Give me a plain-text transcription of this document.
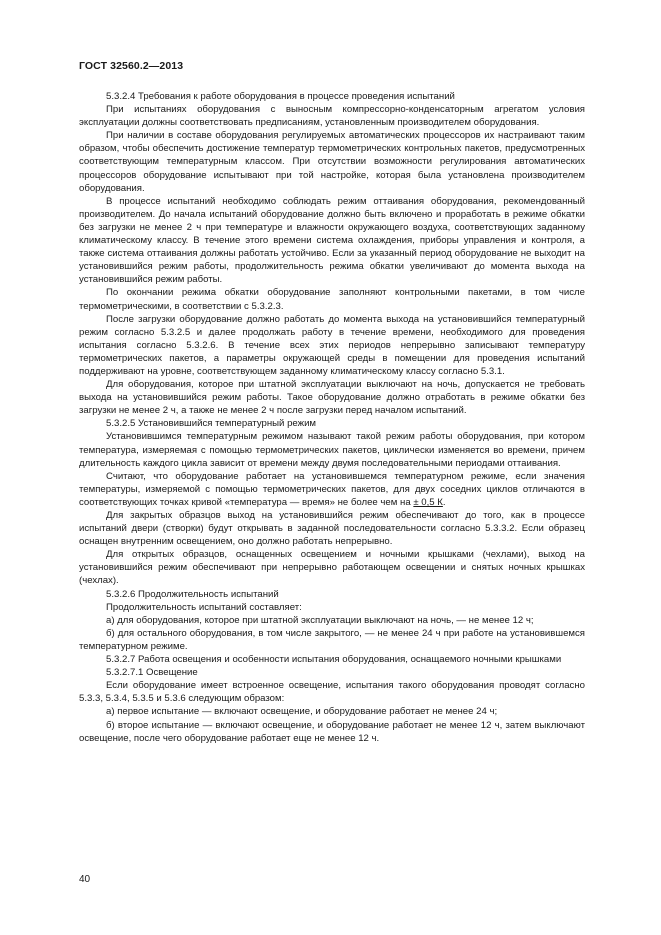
ГОСТ 32560.2—2013

5.3.2.4 Требования к работе оборудования в процессе проведения испытаний

При испытаниях оборудования с выносным компрессорно-конденсаторным агрегатом условия эксплуатации должны соответствовать предписаниям, установленным производителем оборудования.

При наличии в составе оборудования регулируемых автоматических процессоров их настраивают таким образом, чтобы обеспечить достижение температур термометрических контрольных пакетов, предусмотренных соответствующим температурным классом. При отсутствии возможности регулирования автоматических процессоров оборудование испытывают при той настройке, которая была установлена производителем оборудования.

В процессе испытаний необходимо соблюдать режим оттаивания оборудования, рекомендованный производителем. До начала испытаний оборудование должно быть включено и проработать в режиме обкатки без загрузки не менее 2 ч при температуре и влажности окружающего воздуха, соответствующих заданному климатическому классу. В течение этого времени система охлаждения, приборы управления и контроля, а также система оттаивания должны работать устойчиво. Если за указанный период оборудование не выходит на установившийся режим работы, продолжительность режима обкатки увеличивают до момента выхода на установившийся режим работы.

По окончании режима обкатки оборудование заполняют контрольными пакетами, в том числе термометрическими, в соответствии с 5.3.2.3.

После загрузки оборудование должно работать до момента выхода на установившийся температурный режим согласно 5.3.2.5 и далее продолжать работу в течение времени, необходимого для проведения испытания согласно 5.3.2.6. В течение всех этих периодов непрерывно записывают температуру термометрических пакетов, а параметры окружающей среды в помещении для проведения испытаний поддерживают на уровне, соответствующем заданному климатическому классу согласно 5.3.1.

Для оборудования, которое при штатной эксплуатации выключают на ночь, допускается не требовать выхода на установившийся режим работы. Такое оборудование должно отработать в режиме обкатки без загрузки не менее 2 ч, а также не менее 2 ч после загрузки перед началом испытаний.

5.3.2.5 Установившийся температурный режим

Установившимся температурным режимом называют такой режим работы оборудования, при котором температура, измеряемая с помощью термометрических пакетов, циклически изменяется во времени, причем длительность каждого цикла зависит от времени между двумя последовательными периодами оттаивания.

Считают, что оборудование работает на установившемся температурном режиме, если значения температуры, измеряемой с помощью термометрических пакетов, для двух соседних циклов отличаются в соответствующих точках кривой «температура — время» не более чем на ± 0,5 К.

Для закрытых образцов выход на установившийся режим обеспечивают до того, как в процессе испытаний двери (створки) будут открывать в заданной последовательности согласно 5.3.3.2. Если образец оснащен внутренним освещением, оно должно работать непрерывно.

Для открытых образцов, оснащенных освещением и ночными крышками (чехлами), выход на установившийся режим обеспечивают при непрерывно работающем освещении и снятых ночных крышках (чехлах).

5.3.2.6 Продолжительность испытаний

Продолжительность испытаний составляет:

а) для оборудования, которое при штатной эксплуатации выключают на ночь, — не менее 12 ч;

б) для остального оборудования, в том числе закрытого, — не менее 24 ч при работе на установившемся температурном режиме.

5.3.2.7 Работа освещения и особенности испытания оборудования, оснащаемого ночными крышками

5.3.2.7.1 Освещение

Если оборудование имеет встроенное освещение, испытания такого оборудования проводят согласно 5.3.3, 5.3.4, 5.3.5 и 5.3.6 следующим образом:

а) первое испытание — включают освещение, и оборудование работает не менее 24 ч;

б) второе испытание — включают освещение, и оборудование работает не менее 12 ч, затем выключают освещение, после чего оборудование работает еще не менее 12 ч.

40
